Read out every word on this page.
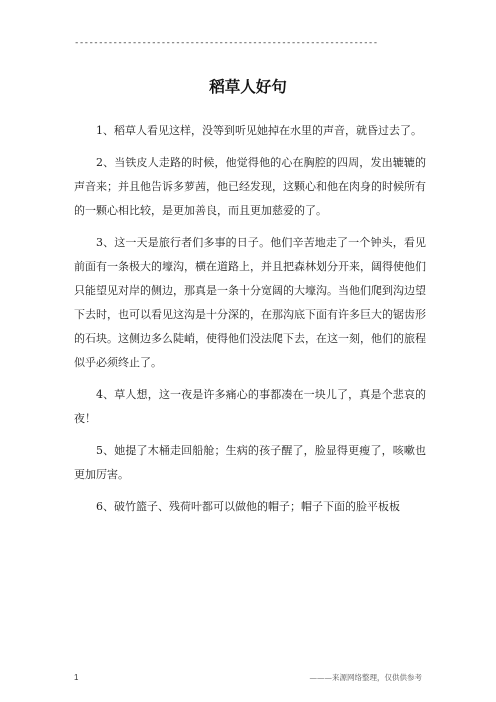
---------------------------------------------------------------
稻草人好句

1、稻草人看见这样，没等到听见她掉在水里的声音，就昏过去了。

2、当铁皮人走路的时候，他觉得他的心在胸腔的四周，发出辘辘的声音来；并且他告诉多萝茜，他已经发现，这颗心和他在肉身的时候所有的一颗心相比较，是更加善良，而且更加慈爱的了。

3、这一天是旅行者们多事的日子。他们辛苦地走了一个钟头，看见前面有一条极大的壕沟，横在道路上，并且把森林划分开来，阔得使他们只能望见对岸的侧边，那真是一条十分宽阔的大壕沟。当他们爬到沟边望下去时，也可以看见这沟是十分深的，在那沟底下面有许多巨大的锯齿形的石块。这侧边多么陡峭，使得他们没法爬下去，在这一刻，他们的旅程似乎必须终止了。

4、草人想，这一夜是许多痛心的事都凑在一块儿了，真是个悲哀的夜！

5、她提了木桶走回船舱；生病的孩子醒了，脸显得更瘦了，咳嗽也更加厉害。

6、破竹篮子、残荷叶都可以做他的帽子；帽子下面的脸平板板

1	———来源网络整理，仅供供参考
